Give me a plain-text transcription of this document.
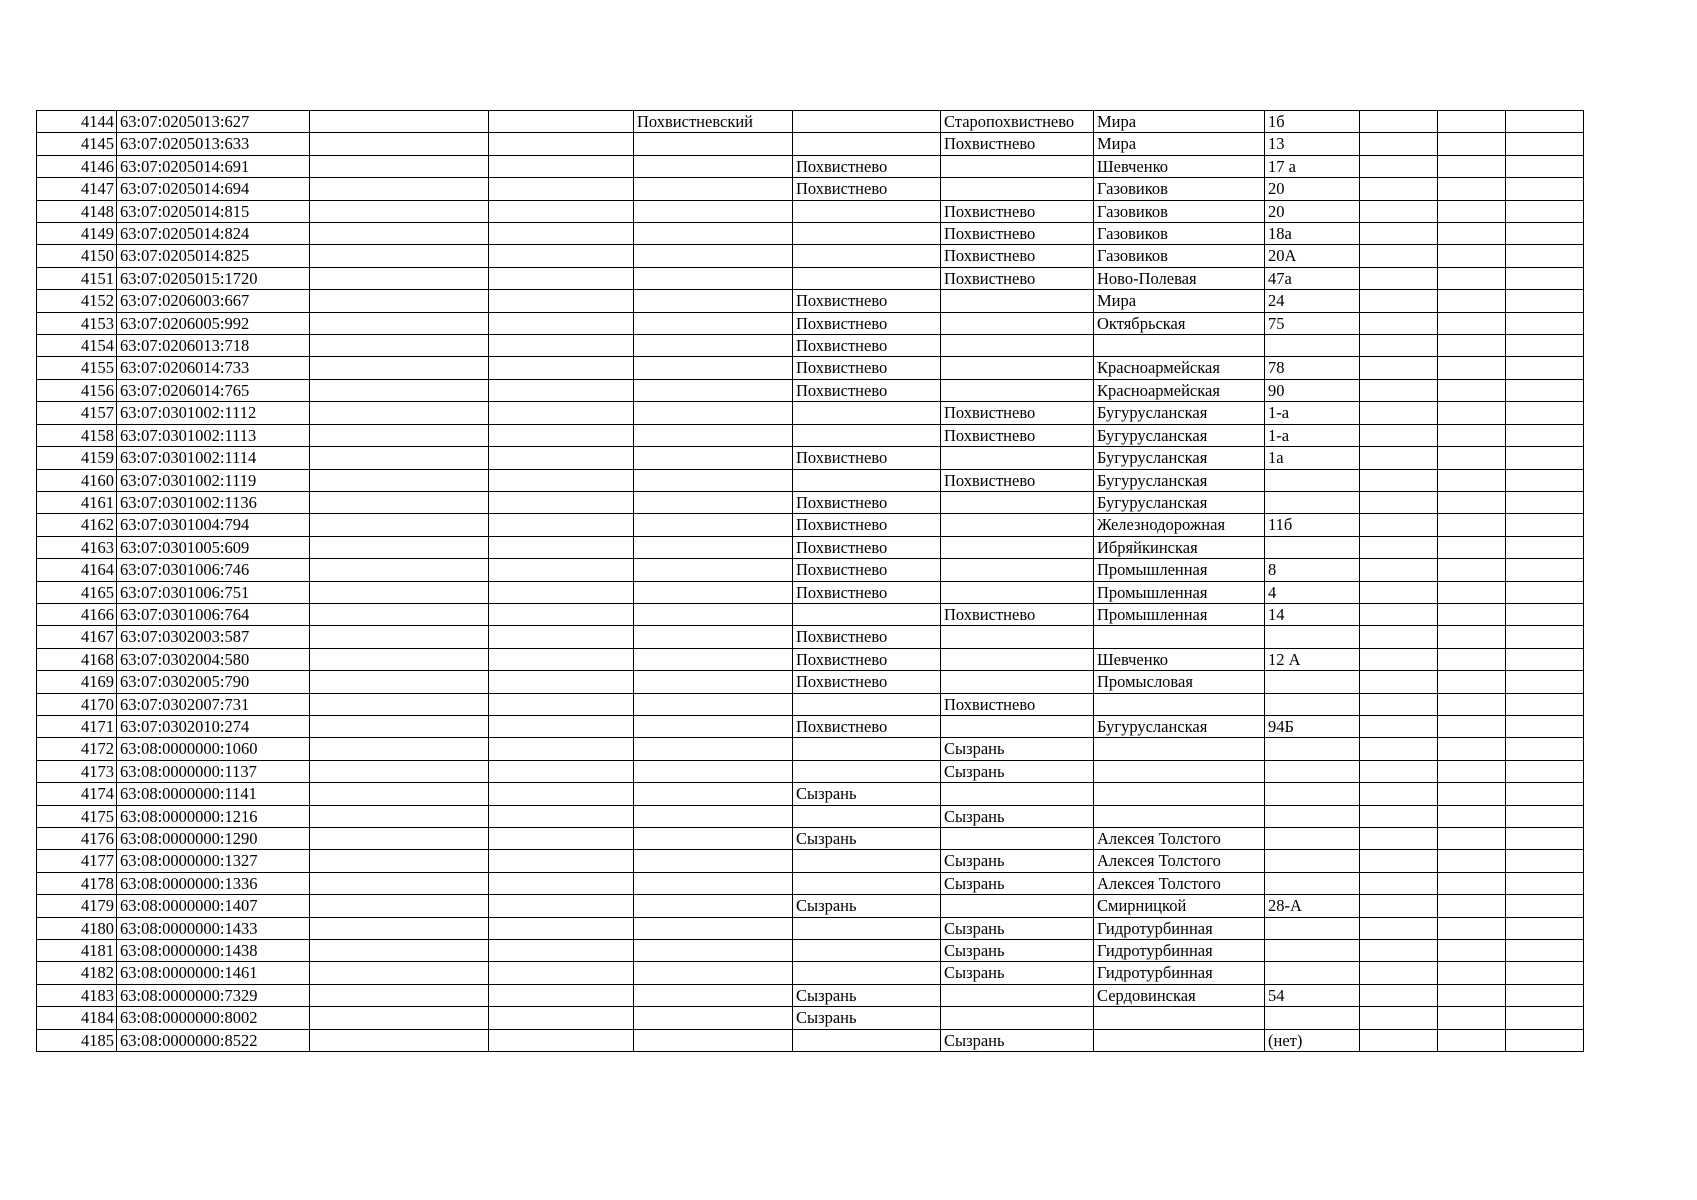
4144	63:07:0205013:627			Похвистневский		Старопохвистнево	Мира	1б			
4145	63:07:0205013:633					Похвистнево	Мира	13			
4146	63:07:0205014:691				Похвистнево		Шевченко	17 а			
4147	63:07:0205014:694				Похвистнево		Газовиков	20			
4148	63:07:0205014:815					Похвистнево	Газовиков	20			
4149	63:07:0205014:824					Похвистнево	Газовиков	18а			
4150	63:07:0205014:825					Похвистнево	Газовиков	20А			
4151	63:07:0205015:1720					Похвистнево	Ново-Полевая	47а			
4152	63:07:0206003:667				Похвистнево		Мира	24			
4153	63:07:0206005:992				Похвистнево		Октябрьская	75			
4154	63:07:0206013:718				Похвистнево						
4155	63:07:0206014:733				Похвистнево		Красноармейская	78			
4156	63:07:0206014:765				Похвистнево		Красноармейская	90			
4157	63:07:0301002:1112					Похвистнево	Бугурусланская	1-а			
4158	63:07:0301002:1113					Похвистнево	Бугурусланская	1-а			
4159	63:07:0301002:1114				Похвистнево		Бугурусланская	1а			
4160	63:07:0301002:1119					Похвистнево	Бугурусланская				
4161	63:07:0301002:1136				Похвистнево		Бугурусланская				
4162	63:07:0301004:794				Похвистнево		Железнодорожная	11б			
4163	63:07:0301005:609				Похвистнево		Ибряйкинская				
4164	63:07:0301006:746				Похвистнево		Промышленная	8			
4165	63:07:0301006:751				Похвистнево		Промышленная	4			
4166	63:07:0301006:764					Похвистнево	Промышленная	14			
4167	63:07:0302003:587				Похвистнево						
4168	63:07:0302004:580				Похвистнево		Шевченко	12 А			
4169	63:07:0302005:790				Похвистнево		Промысловая				
4170	63:07:0302007:731					Похвистнево					
4171	63:07:0302010:274				Похвистнево		Бугурусланская	94Б			
4172	63:08:0000000:1060					Сызрань					
4173	63:08:0000000:1137					Сызрань					
4174	63:08:0000000:1141				Сызрань						
4175	63:08:0000000:1216					Сызрань					
4176	63:08:0000000:1290				Сызрань		Алексея Толстого				
4177	63:08:0000000:1327					Сызрань	Алексея Толстого				
4178	63:08:0000000:1336					Сызрань	Алексея Толстого				
4179	63:08:0000000:1407				Сызрань		Смирницкой	28-А			
4180	63:08:0000000:1433					Сызрань	Гидротурбинная				
4181	63:08:0000000:1438					Сызрань	Гидротурбинная				
4182	63:08:0000000:1461					Сызрань	Гидротурбинная				
4183	63:08:0000000:7329				Сызрань		Сердовинская	54			
4184	63:08:0000000:8002				Сызрань						
4185	63:08:0000000:8522					Сызрань		(нет)			
